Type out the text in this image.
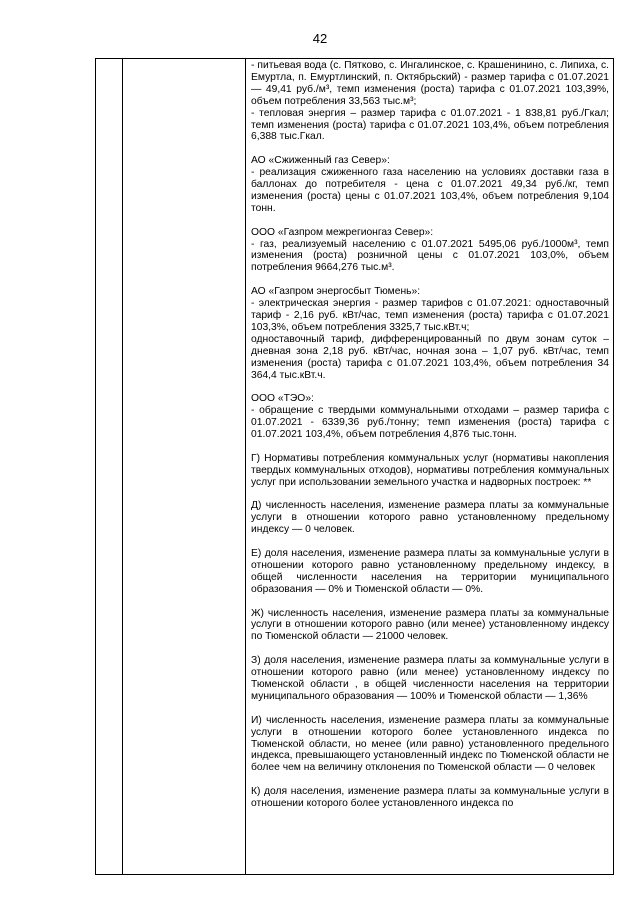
42

- питьевая вода (с. Пятково, с. Ингалинское, с. Крашенинино, с. Липиха, с. Емуртла, п. Емуртлинский, п. Октябрьский) - размер тарифа с 01.07.2021 — 49,41 руб./м³, темп изменения (роста) тарифа с 01.07.2021 103,39%, объем потребления 33,563 тыс.м³;

- тепловая энергия – размер тарифа с 01.07.2021 - 1 838,81 руб./Гкал; темп изменения (роста) тарифа с 01.07.2021 103,4%, объем потребления 6,388 тыс.Гкал.

АО «Сжиженный газ Север»:

- реализация сжиженного газа населению на условиях доставки газа в баллонах до потребителя - цена с 01.07.2021 49,34 руб./кг, темп изменения (роста) цены с 01.07.2021 103,4%, объем потребления 9,104 тонн.

ООО «Газпром межрегионгаз Север»:

- газ, реализуемый населению с 01.07.2021 5495,06 руб./1000м³, темп изменения (роста) розничной цены с 01.07.2021 103,0%, объем потребления 9664,276 тыс.м³.

АО «Газпром энергосбыт Тюмень»:

- электрическая энергия - размер тарифов с 01.07.2021: одноставочный тариф - 2,16 руб. кВт/час, темп изменения (роста) тарифа с 01.07.2021 103,3%, объем потребления 3325,7 тыс.кВт.ч;

одноставочный тариф, дифференцированный по двум зонам суток – дневная зона 2,18 руб. кВт/час, ночная зона – 1,07 руб. кВт/час, темп изменения (роста) тарифа с 01.07.2021 103,4%, объем потребления 34 364,4 тыс.кВт.ч.

ООО «ТЭО»:

- обращение с твердыми коммунальными отходами – размер тарифа с 01.07.2021 - 6339,36 руб./тонну; темп изменения (роста) тарифа с 01.07.2021 103,4%, объем потребления 4,876 тыс.тонн.

Г) Нормативы потребления коммунальных услуг (нормативы накопления твердых коммунальных отходов), нормативы потребления коммунальных услуг при использовании земельного участка и надворных построек: **

Д) численность населения, изменение размера платы за коммунальные услуги в отношении которого равно установленному предельному индексу — 0 человек.

Е) доля населения, изменение размера платы за коммунальные услуги в отношении которого равно установленному предельному индексу, в общей численности населения на территории муниципального образования — 0% и Тюменской области — 0%.

Ж) численность населения, изменение размера платы за коммунальные услуги в отношении которого равно (или менее) установленному индексу по Тюменской области — 21000 человек.

З) доля населения, изменение размера платы за коммунальные услуги в отношении которого равно (или менее) установленному индексу по Тюменской области , в общей численности населения на территории муниципального образования — 100% и Тюменской области — 1,36%

И) численность населения, изменение размера платы за коммунальные услуги в отношении которого более установленного индекса по Тюменской области, но менее (или равно) установленного предельного индекса, превышающего установленный индекс по Тюменской области не более чем на величину отклонения по Тюменской области — 0 человек

К) доля населения, изменение размера платы за коммунальные услуги в отношении которого более установленного индекса по
